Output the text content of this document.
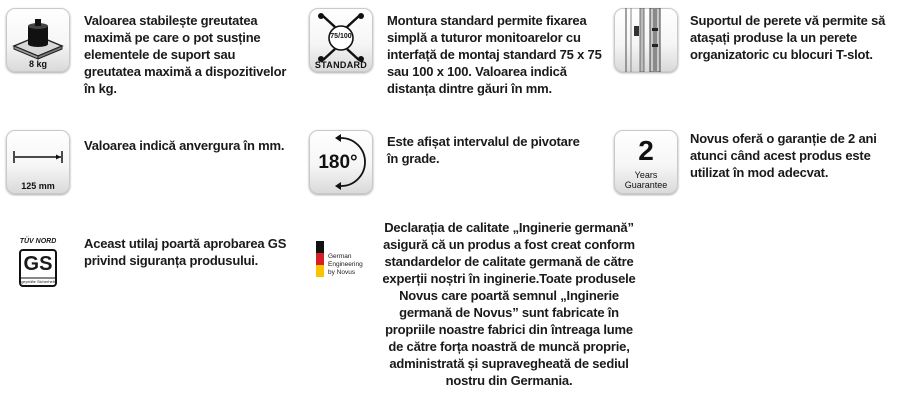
8 kg
Valoarea stabilește greutatea maximă pe care o pot susține elementele de suport sau greutatea maximă a dispozitivelor în kg.
75/100
STANDARD
Montura standard permite fixarea simplă a tuturor monitoarelor cu interfață de montaj standard 75 x 75 sau 100 x 100. Valoarea indică distanța dintre găuri în mm.
Suportul de perete vă permite să atașați produse la un perete organizatoric cu blocuri T-slot.
125 mm
Valoarea indică anvergura în mm.
180°
Este afișat intervalul de pivotare în grade.	2
Years
Guarantee
Novus oferă o garanție de 2 ani atunci când acest produs este utilizat în mod adecvat.
TÜV NORD
GS
geprüfte Sicherheit
Aceast utilaj poartă aprobarea GS privind siguranța produsului.	German
Engineering
by Novus
Declarația de calitate „Inginerie germană” asigură că un produs a fost creat conform standardelor de calitate germană de către experții noștri în inginerie.Toate produsele Novus care poartă semnul „Inginerie germană de Novus” sunt fabricate în propriile noastre fabrici din întreaga lume de către forța noastră de muncă proprie, administrată și supravegheată de sediul nostru din Germania.
